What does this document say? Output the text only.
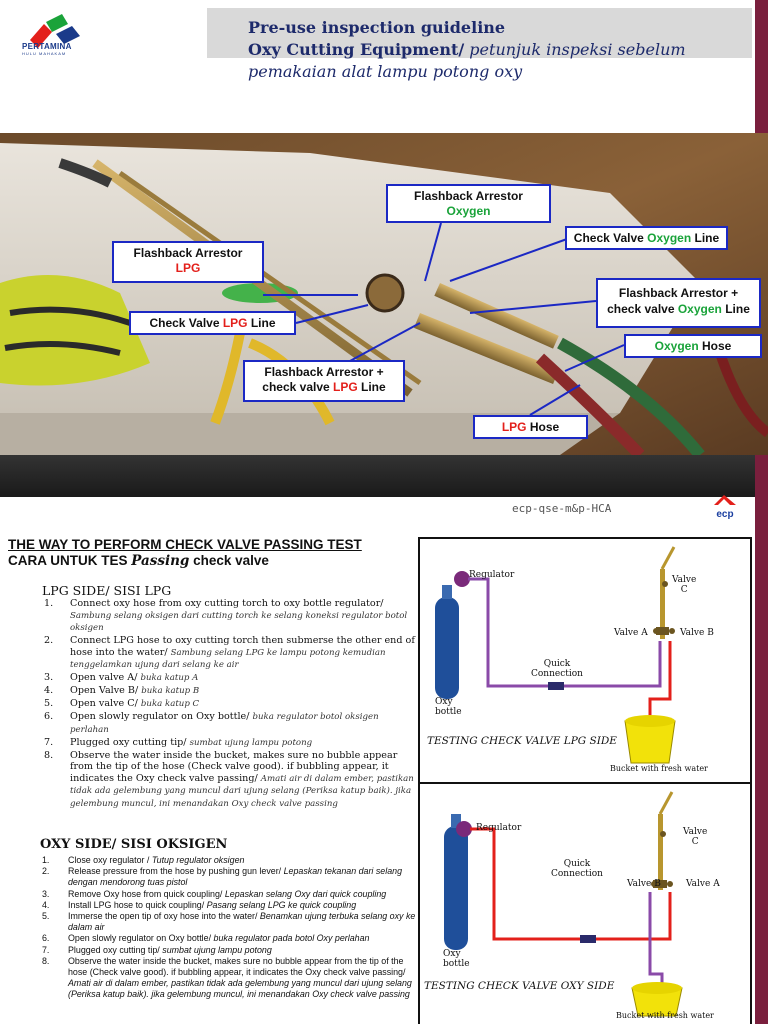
PERTAMINA
HULU MAHAKAM
Pre-use inspection guideline
Oxy Cutting Equipment/ petunjuk inspeksi sebelum
pemakaian alat lampu potong oxy
Flashback Arrestor
Oxygen
Flashback Arrestor
LPG
Check Valve Oxygen Line
Check Valve LPG Line
Flashback Arrestor +
check valve Oxygen Line
Flashback Arrestor +
check valve LPG Line
Oxygen Hose
LPG Hose
ecp-qse-m&p-HCA	ecp
THE WAY TO PERFORM CHECK VALVE PASSING TEST
CARA UNTUK TES Passing check valve
LPG SIDE/ SISI LPG
1. Connect oxy hose from oxy cutting torch to oxy bottle regulator/ Sambung selang oksigen dari cutting torch ke selang koneksi regulator botol oksigen
2. Connect LPG hose to oxy cutting torch then submerse the other end of hose into the water/ Sambung selang LPG ke lampu potong kemudian tenggelamkan ujung dari selang ke air
3. Open valve A/ buka katup A
4. Open Valve B/ buka katup B
5. Open valve C/ buka katup C
6. Open slowly regulator on Oxy bottle/ buka regulator botol oksigen perlahan
7. Plugged oxy cutting tip/ sumbat ujung lampu potong
8. Observe the water inside the bucket, makes sure no bubble appear from the tip of the hose (Check valve good). if bubbling appear, it indicates the Oxy check valve passing/ Amati air di dalam ember, pastikan tidak ada gelembung yang muncul dari ujung selang (Periksa katup baik). jika gelembung muncul, ini menandakan Oxy check valve passing
OXY SIDE/ SISI OKSIGEN
1. Close oxy regulator / Tutup regulator oksigen
2. Release pressure from the hose by pushing gun lever/ Lepaskan tekanan dari selang dengan mendorong tuas pistol
3. Remove Oxy hose from quick coupling/ Lepaskan selang Oxy dari quick coupling
4. Install LPG hose to quick coupling/ Pasang selang LPG ke quick coupling
5. Immerse the open tip of oxy hose into the water/ Benamkan ujung terbuka selang oxy ke dalam air
6. Open slowly regulator on Oxy bottle/ buka regulator pada botol Oxy perlahan
7. Plugged oxy cutting tip/ sumbat ujung lampu potong
8. Observe the water inside the bucket, makes sure no bubble appear from the tip of the hose (Check valve good). if bubbling appear, it indicates the Oxy check valve passing/ Amati air di dalam ember, pastikan tidak ada gelembung yang muncul dari ujung selang (Periksa katup baik). jika gelembung muncul, ini menandakan Oxy check valve passing
Regulator	Valve
C
Valve A	Valve B
Quick
Connection
Oxy
bottle
TESTING CHECK VALVE LPG SIDE
Bucket with fresh water
Regulator	Valve
C
Valve B	Valve A
Quick
Connection
Oxy
bottle
TESTING CHECK VALVE OXY SIDE
Bucket with fresh water
